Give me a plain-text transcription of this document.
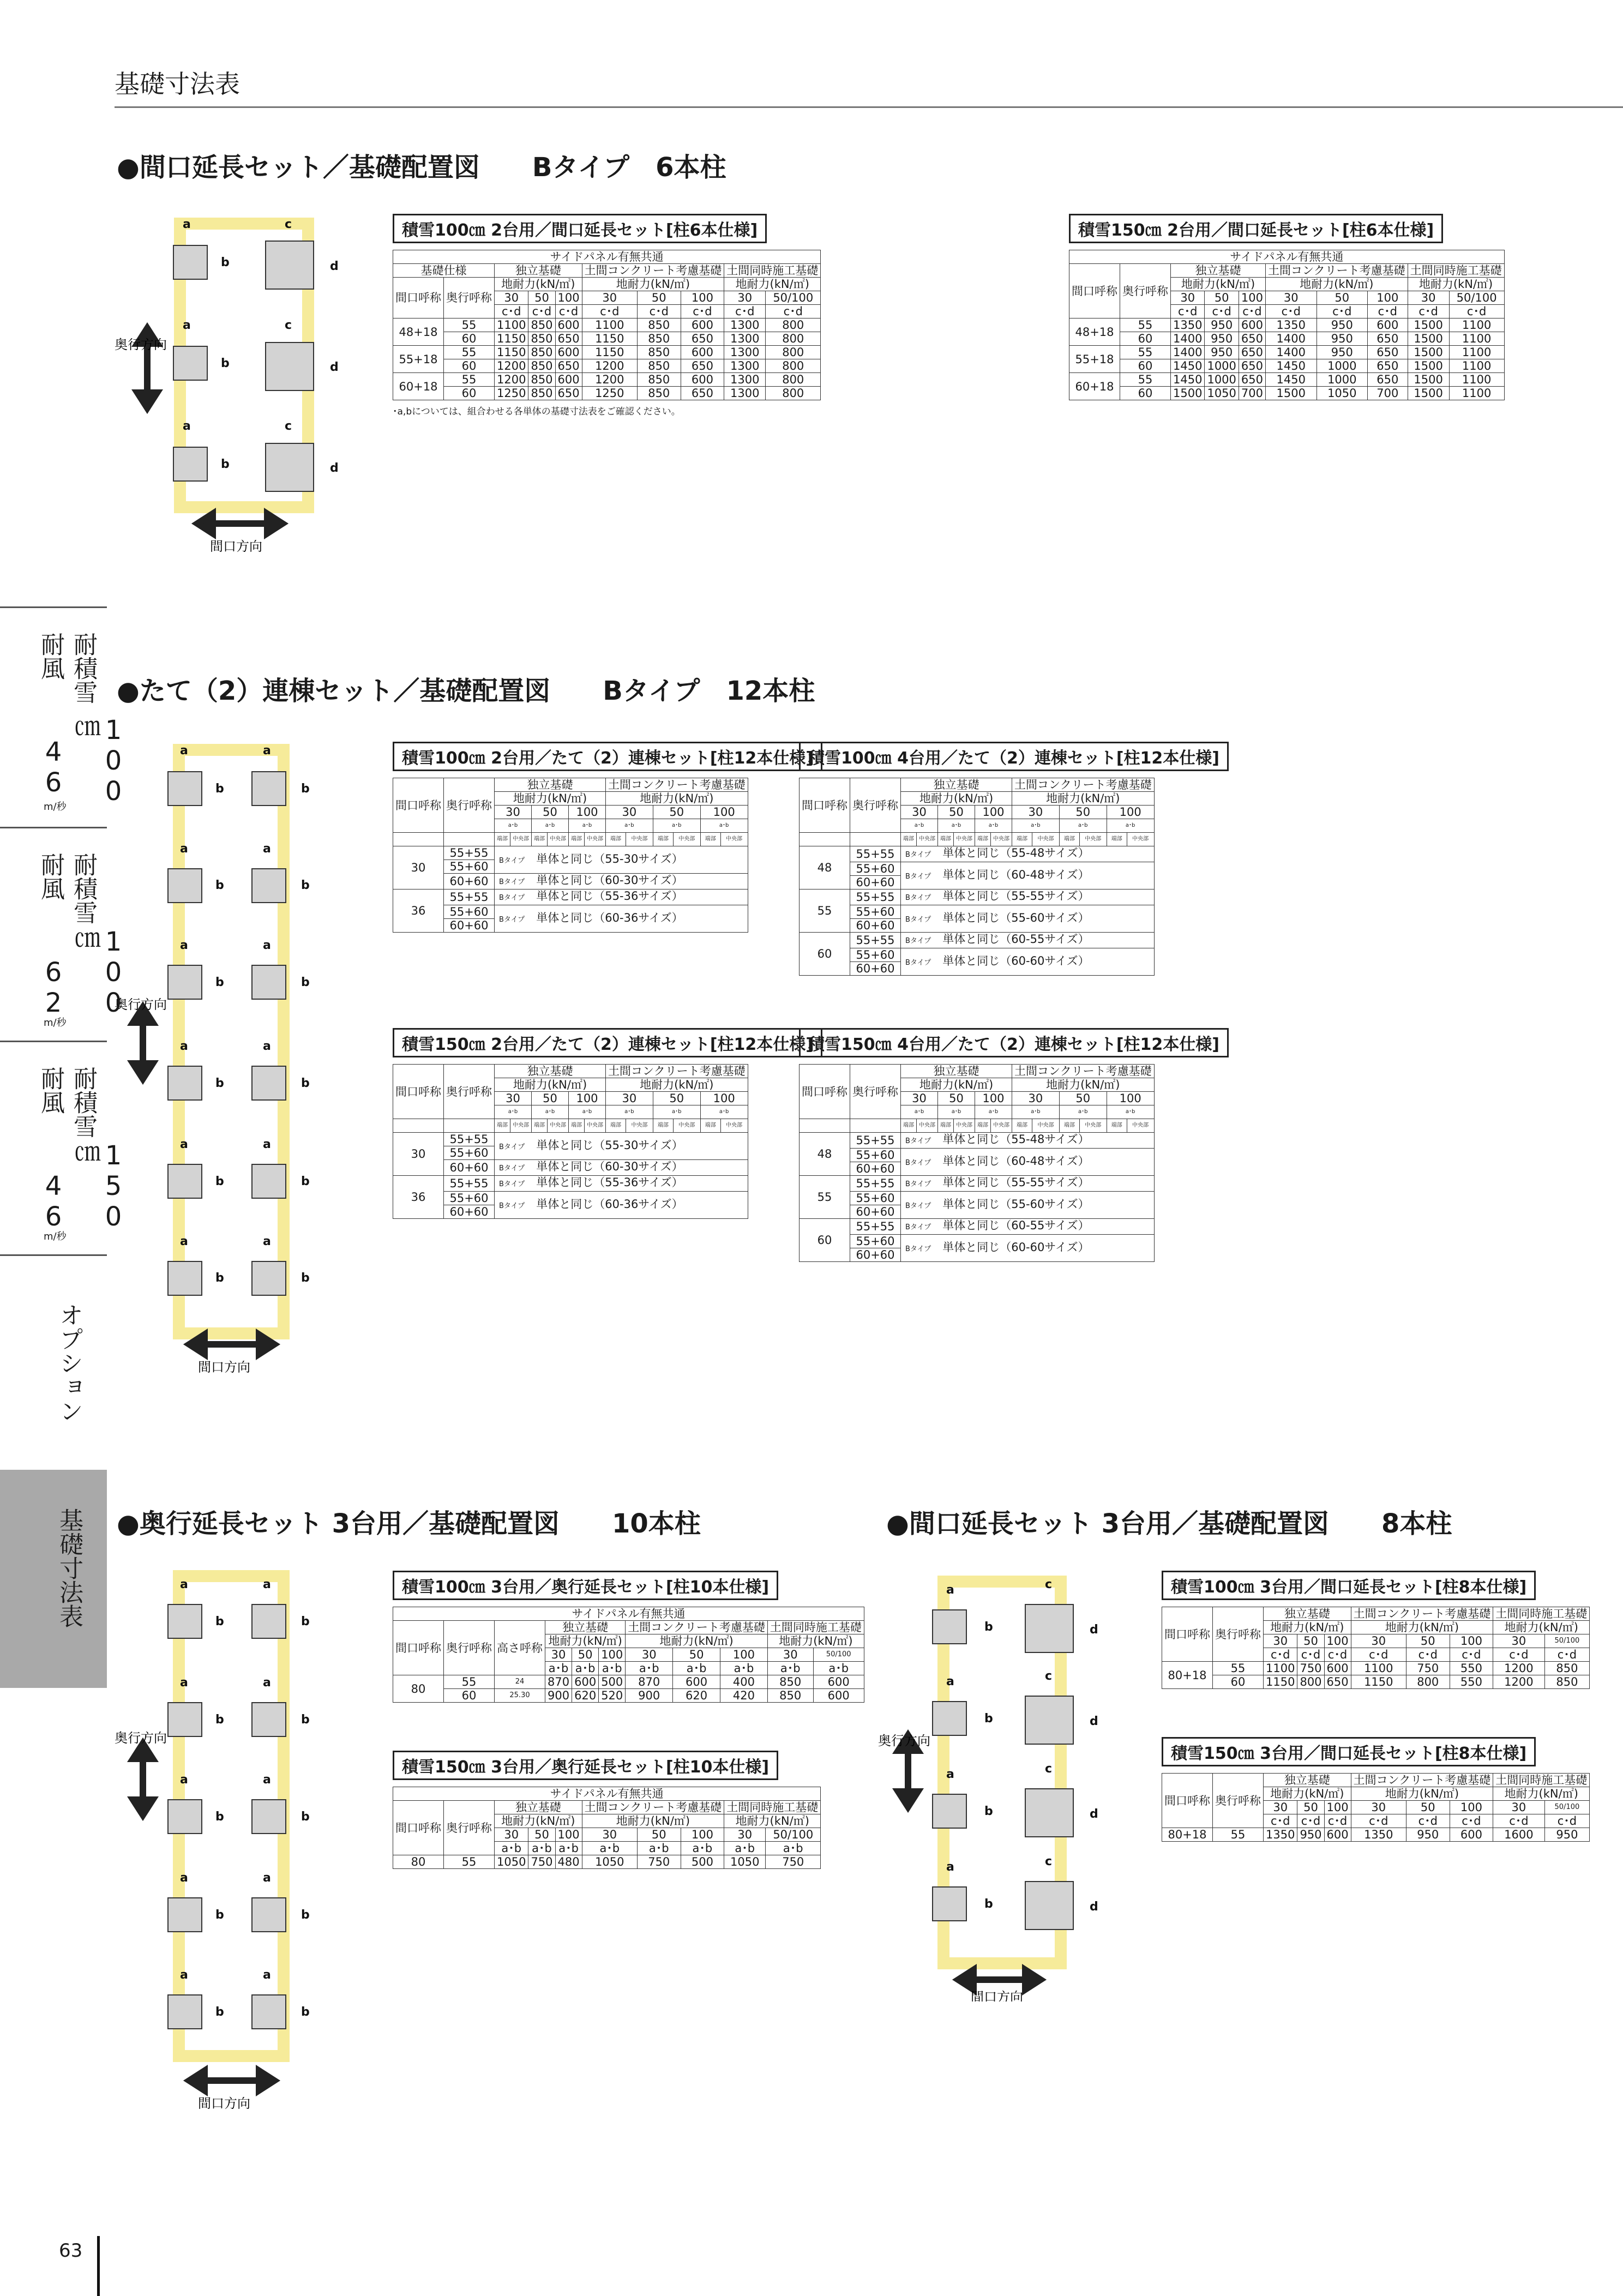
基礎寸法表
●間口延長セット／基礎配置図　　Bタイプ　6本柱
●たて（2）連棟セット／基礎配置図　　Bタイプ　12本柱
●奥行延長セット 3台用／基礎配置図　　10本柱	●間口延長セット 3台用／基礎配置図　　8本柱
a
a
a
b
b
b
c
c
c
d
d
d
奥行方向
間口方向
積雪100㎝ 2台用／間口延長セット[柱6本仕様]
サイドパネル有無共通									
基礎仕様		独立基礎			土間コンクリート考慮基礎			土間同時施工基礎	
間口呼称	奥行呼称	地耐力(kN/㎡)			地耐力(kN/㎡)			地耐力(kN/㎡)	
		30	50	100	30	50	100	30	50/100
		c･d	c･d	c･d	c･d	c･d	c･d	c･d	c･d
48+18	55	1100	850	600	1100	850	600	1300	800
	60	1150	850	650	1150	850	650	1300	800
55+18	55	1150	850	600	1150	850	600	1300	800
	60	1200	850	650	1200	850	650	1300	800
60+18	55	1200	850	600	1200	850	600	1300	800
	60	1250	850	650	1250	850	650	1300	800
･a,bについては、組合わせる各単体の基礎寸法表をご確認ください。
積雪150㎝ 2台用／間口延長セット[柱6本仕様]
サイドパネル有無共通									
間口呼称	奥行呼称	独立基礎			土間コンクリート考慮基礎			土間同時施工基礎	
		地耐力(kN/㎡)			地耐力(kN/㎡)			地耐力(kN/㎡)	
		30	50	100	30	50	100	30	50/100
		c･d	c･d	c･d	c･d	c･d	c･d	c･d	c･d
48+18	55	1350	950	600	1350	950	600	1500	1100
	60	1400	950	650	1400	950	650	1500	1100
55+18	55	1400	950	650	1400	950	650	1500	1100
	60	1450	1000	650	1450	1000	650	1500	1100
60+18	55	1450	1000	650	1450	1000	650	1500	1100
	60	1500	1050	700	1500	1050	700	1500	1100
a	a
b	b
a	a
b	b
a	a
b	b
a	a
b	b
a	a
b	b
a	a
b	b
奥行方向
間口方向
積雪100㎝ 2台用／たて（2）連棟セット[柱12本仕様]
間口呼称	奥行呼称	独立基礎						土間コンクリート考慮基礎					
		地耐力(kN/㎡)						地耐力(kN/㎡)					
		30		50		100		30		50		100	
		a･b		a･b		a･b		a･b		a･b		a･b	
		端部	中央部	端部	中央部	端部	中央部	端部	中央部	端部	中央部	端部	中央部
30	55+55	Bタイプ　 単体と同じ（55-30サイズ）											
	55+60												
	60+60	Bタイプ　 単体と同じ（60-30サイズ）											
36	55+55	Bタイプ　 単体と同じ（55-36サイズ）											
	55+60	Bタイプ　 単体と同じ（60-36サイズ）											
	60+60												
積雪100㎝ 4台用／たて（2）連棟セット[柱12本仕様]
間口呼称	奥行呼称	独立基礎						土間コンクリート考慮基礎					
		地耐力(kN/㎡)						地耐力(kN/㎡)					
		30		50		100		30		50		100	
		a･b		a･b		a･b		a･b		a･b		a･b	
		端部	中央部	端部	中央部	端部	中央部	端部	中央部	端部	中央部	端部	中央部
48	55+55	Bタイプ　 単体と同じ（55-48サイズ）											
	55+60	Bタイプ　 単体と同じ（60-48サイズ）											
	60+60												
55	55+55	Bタイプ　 単体と同じ（55-55サイズ）											
	55+60	Bタイプ　 単体と同じ（55-60サイズ）											
	60+60												
60	55+55	Bタイプ　 単体と同じ（60-55サイズ）											
	55+60	Bタイプ　 単体と同じ（60-60サイズ）											
	60+60												
積雪150㎝ 2台用／たて（2）連棟セット[柱12本仕様]
間口呼称	奥行呼称	独立基礎						土間コンクリート考慮基礎					
		地耐力(kN/㎡)						地耐力(kN/㎡)					
		30		50		100		30		50		100	
		a･b		a･b		a･b		a･b		a･b		a･b	
		端部	中央部	端部	中央部	端部	中央部	端部	中央部	端部	中央部	端部	中央部
30	55+55	Bタイプ　 単体と同じ（55-30サイズ）											
	55+60												
	60+60	Bタイプ　 単体と同じ（60-30サイズ）											
36	55+55	Bタイプ　 単体と同じ（55-36サイズ）											
	55+60	Bタイプ　 単体と同じ（60-36サイズ）											
	60+60												
積雪150㎝ 4台用／たて（2）連棟セット[柱12本仕様]
間口呼称	奥行呼称	独立基礎						土間コンクリート考慮基礎					
		地耐力(kN/㎡)						地耐力(kN/㎡)					
		30		50		100		30		50		100	
		a･b		a･b		a･b		a･b		a･b		a･b	
		端部	中央部	端部	中央部	端部	中央部	端部	中央部	端部	中央部	端部	中央部
48	55+55	Bタイプ　 単体と同じ（55-48サイズ）											
	55+60	Bタイプ　 単体と同じ（60-48サイズ）											
	60+60												
55	55+55	Bタイプ　 単体と同じ（55-55サイズ）											
	55+60	Bタイプ　 単体と同じ（55-60サイズ）											
	60+60												
60	55+55	Bタイプ　 単体と同じ（60-55サイズ）											
	55+60	Bタイプ　 単体と同じ（60-60サイズ）											
	60+60												
a	a
b	b
a	a
b	b
a	a
b	b
a	a
b	b
a	a
b	b
奥行方向
間口方向
積雪100㎝ 3台用／奥行延長セット[柱10本仕様]
サイドパネル有無共通										
間口呼称	奥行呼称	高さ呼称	独立基礎			土間コンクリート考慮基礎			土間同時施工基礎	
			地耐力(kN/㎡)			地耐力(kN/㎡)			地耐力(kN/㎡)	
			30	50	100	30	50	100	30	50/100
			a･b	a･b	a･b	a･b	a･b	a･b	a･b	a･b
80	55	24	870	600	500	870	600	400	850	600
	60	25.30	900	620	520	900	620	420	850	600
積雪150㎝ 3台用／奥行延長セット[柱10本仕様]
サイドパネル有無共通									
間口呼称	奥行呼称	独立基礎			土間コンクリート考慮基礎			土間同時施工基礎	
		地耐力(kN/㎡)			地耐力(kN/㎡)			地耐力(kN/㎡)	
		30	50	100	30	50	100	30	50/100
		a･b	a･b	a･b	a･b	a･b	a･b	a･b	a･b
80	55	1050	750	480	1050	750	500	1050	750
a
a
a
a
b
b
b
b
c
c
c
c
d
d
d
d
奥行方向
間口方向
積雪100㎝ 3台用／間口延長セット[柱8本仕様]
間口呼称	奥行呼称	独立基礎			土間コンクリート考慮基礎			土間同時施工基礎	
		地耐力(kN/㎡)			地耐力(kN/㎡)			地耐力(kN/㎡)	
		30	50	100	30	50	100	30	50/100
		c･d	c･d	c･d	c･d	c･d	c･d	c･d	c･d
80+18	55	1100	750	600	1100	750	550	1200	850
	60	1150	800	650	1150	800	550	1200	850
積雪150㎝ 3台用／間口延長セット[柱8本仕様]
間口呼称	奥行呼称	独立基礎			土間コンクリート考慮基礎			土間同時施工基礎	
		地耐力(kN/㎡)			地耐力(kN/㎡)			地耐力(kN/㎡)	
		30	50	100	30	50	100	30	50/100
		c･d	c･d	c･d	c･d	c･d	c･d	c･d	c･d
80+18	55	1350	950	600	1350	950	600	1600	950
耐積雪
耐風
100㎝
46
m/秒
耐積雪
耐風
100㎝
62
m/秒
耐積雪
耐風
150㎝
46
m/秒
オプション
基礎寸法表
63
